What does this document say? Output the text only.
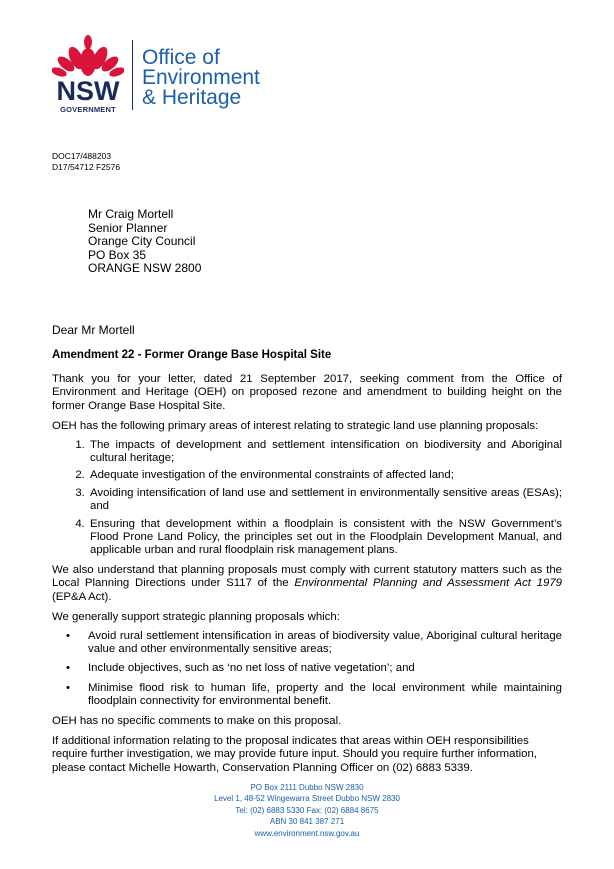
NSW
GOVERNMENT
Office of
Environment
& Heritage
DOC17/488203
D17/54712 F2576
Mr Craig Mortell
Senior Planner
Orange City Council
PO Box 35
ORANGE NSW 2800
Dear Mr Mortell
Amendment 22 - Former Orange Base Hospital Site

Thank you for your letter, dated 21 September 2017, seeking comment from the Office of Environment and Heritage (OEH) on proposed rezone and amendment to building height on the former Orange Base Hospital Site.

OEH has the following primary areas of interest relating to strategic land use planning proposals:

1. The impacts of development and settlement intensification on biodiversity and Aboriginal cultural heritage;
2. Adequate investigation of the environmental constraints of affected land;
3. Avoiding intensification of land use and settlement in environmentally sensitive areas (ESAs); and
4. Ensuring that development within a floodplain is consistent with the NSW Government’s Flood Prone Land Policy, the principles set out in the Floodplain Development Manual, and applicable urban and rural floodplain risk management plans.

We also understand that planning proposals must comply with current statutory matters such as the Local Planning Directions under S117 of the Environmental Planning and Assessment Act 1979 (EP&A Act).

We generally support strategic planning proposals which:

• Avoid rural settlement intensification in areas of biodiversity value, Aboriginal cultural heritage value and other environmentally sensitive areas;
• Include objectives, such as ‘no net loss of native vegetation’; and
• Minimise flood risk to human life, property and the local environment while maintaining floodplain connectivity for environmental benefit.

OEH has no specific comments to make on this proposal.

If additional information relating to the proposal indicates that areas within OEH responsibilities require further investigation, we may provide future input. Should you require further information, please contact Michelle Howarth, Conservation Planning Officer on (02) 6883 5339.

PO Box 2111 Dubbo NSW 2830
Level 1, 48-52 Wingewarra Street Dubbo NSW 2830
Tel: (02) 6883 5330 Fax: (02) 6884 8675
ABN 30 841 387 271
www.environment.nsw.gov.au
